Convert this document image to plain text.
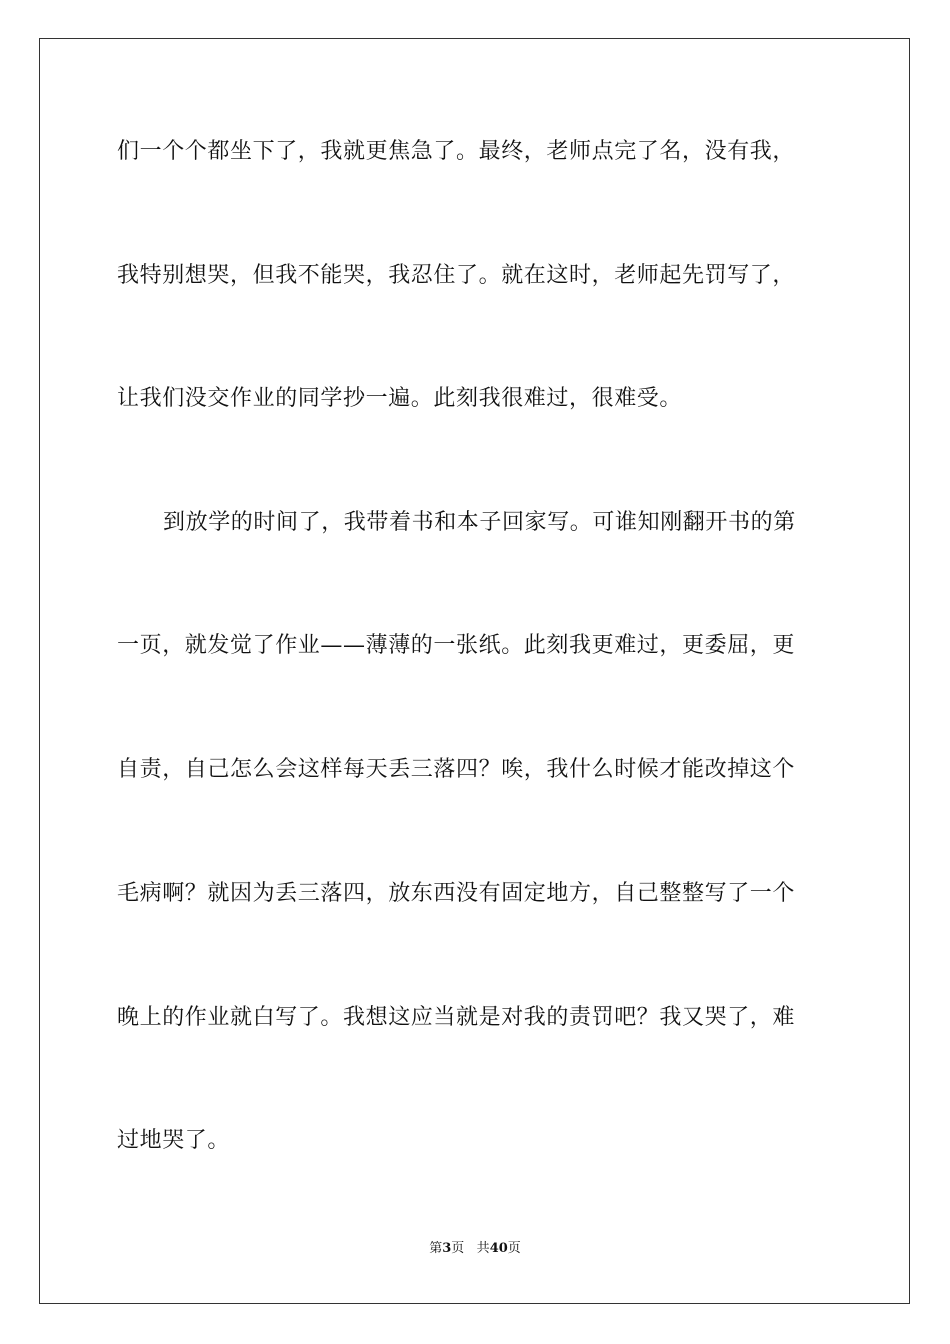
们一个个都坐下了，我就更焦急了。最终，老师点完了名，没有我，
我特别想哭，但我不能哭，我忍住了。就在这时，老师起先罚写了，
让我们没交作业的同学抄一遍。此刻我很难过，很难受。
到放学的时间了，我带着书和本子回家写。可谁知刚翻开书的第
一页，就发觉了作业——薄薄的一张纸。此刻我更难过，更委屈，更
自责，自己怎么会这样每天丢三落四？唉，我什么时候才能改掉这个
毛病啊？就因为丢三落四，放东西没有固定地方，自己整整写了一个
晚上的作业就白写了。我想这应当就是对我的责罚吧？我又哭了，难
过地哭了。
第3页 共40页
